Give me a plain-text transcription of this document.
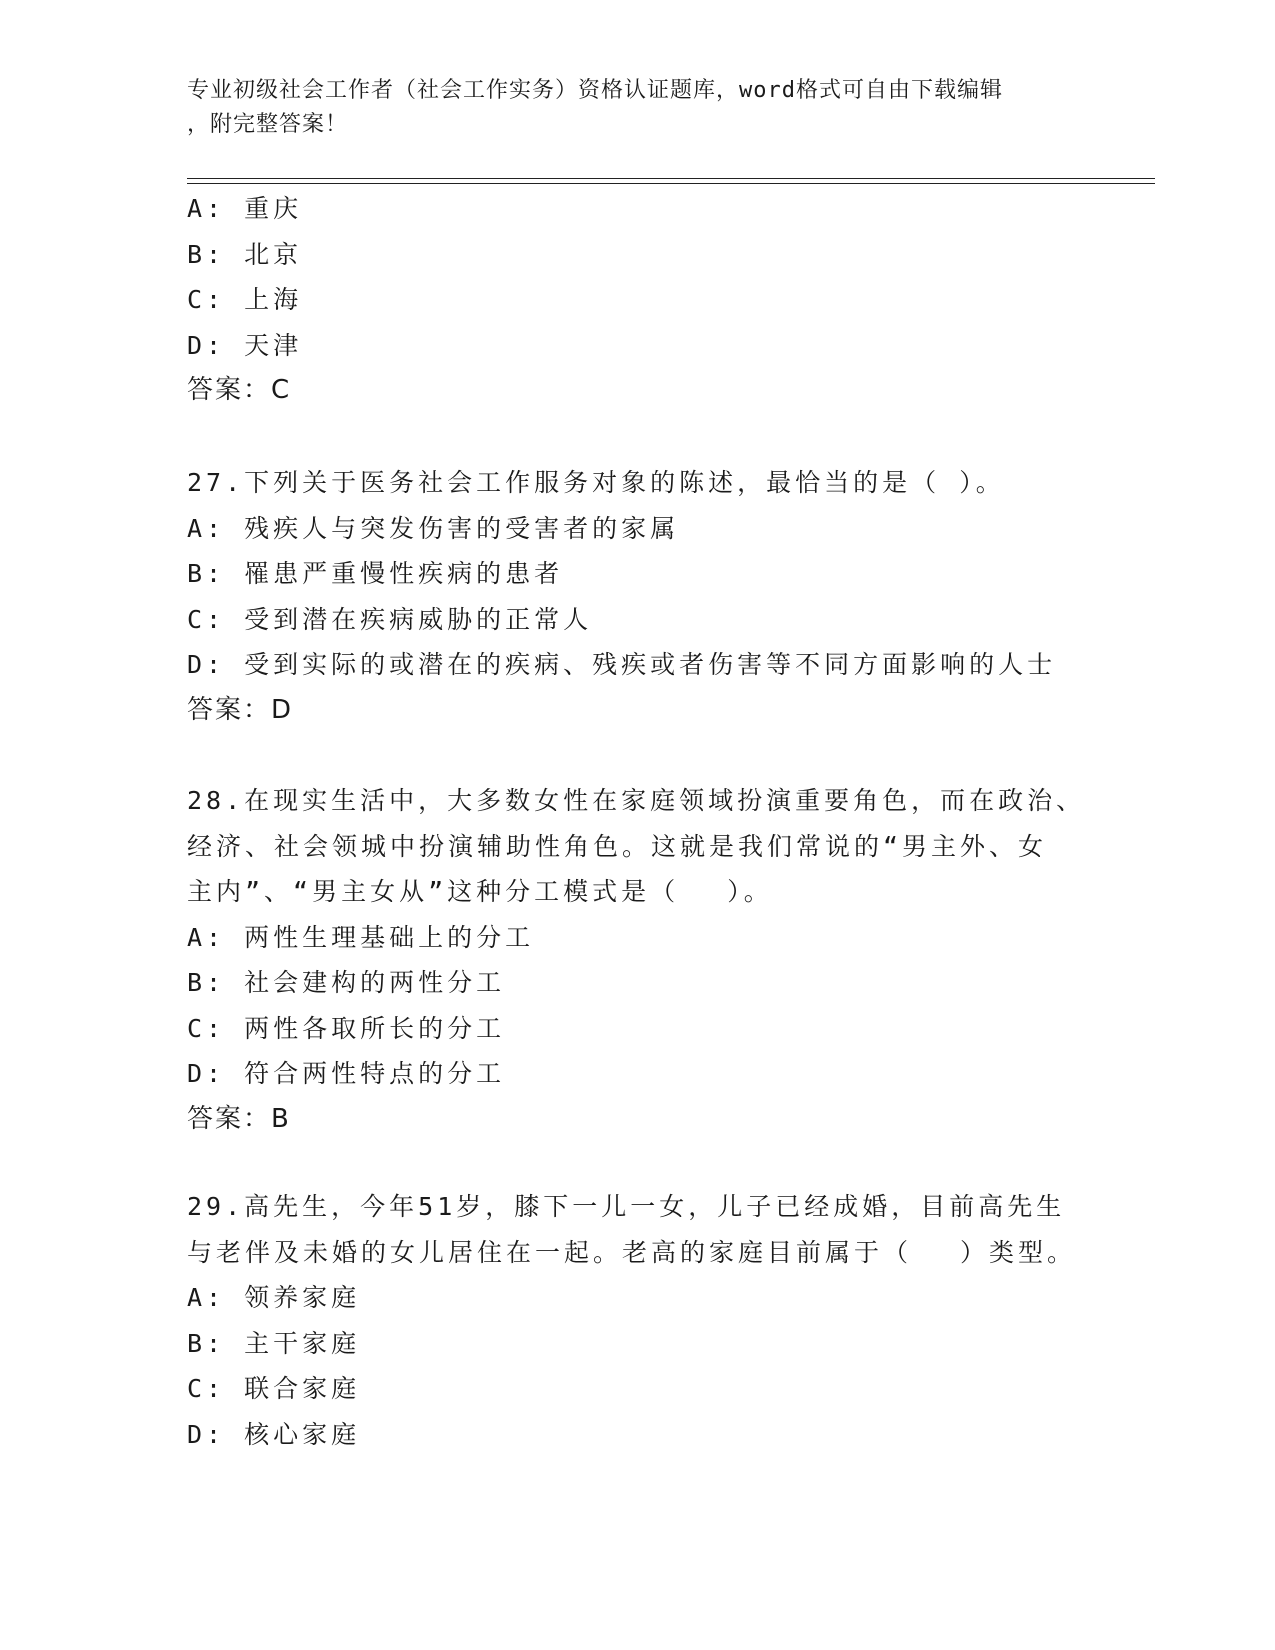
专业初级社会工作者（社会工作实务）资格认证题库，word格式可自由下载编辑
，附完整答案！
A: 重庆
B: 北京
C: 上海
D: 天津
答案：C
27.下列关于医务社会工作服务对象的陈述，最恰当的是（ ）。
A: 残疾人与突发伤害的受害者的家属
B: 罹患严重慢性疾病的患者
C: 受到潜在疾病威胁的正常人
D: 受到实际的或潜在的疾病、残疾或者伤害等不同方面影响的人士
答案：D
28.在现实生活中，大多数女性在家庭领域扮演重要角色，而在政治、
经济、社会领城中扮演辅助性角色。这就是我们常说的“男主外、女
主内”、“男主女从”这种分工模式是（　 ）。
A: 两性生理基础上的分工
B: 社会建构的两性分工
C: 两性各取所长的分工
D: 符合两性特点的分工
答案：B
29.高先生，今年51岁，膝下一儿一女，儿子已经成婚，目前高先生
与老伴及未婚的女儿居住在一起。老高的家庭目前属于（　 ）类型。
A: 领养家庭
B: 主干家庭
C: 联合家庭
D: 核心家庭
